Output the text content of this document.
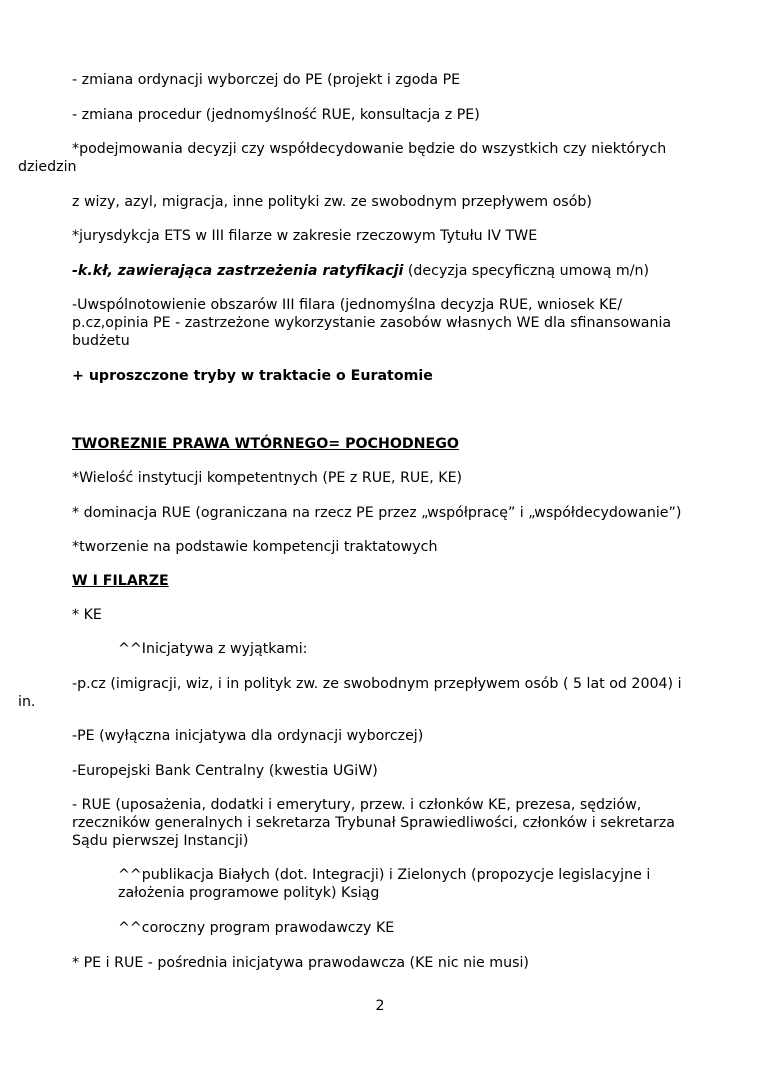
- zmiana ordynacji wyborczej do PE (projekt i zgoda PE

- zmiana procedur (jednomyślność RUE, konsultacja z PE)

*podejmowania decyzji czy współdecydowanie będzie do wszystkich czy niektórych

dziedzin

z wizy, azyl, migracja, inne polityki zw. ze swobodnym przepływem osób)

*jurysdykcja ETS w III filarze w zakresie rzeczowym Tytułu IV TWE

-k.kł, zawierająca zastrzeżenia ratyfikacji (decyzja specyficzną umową m/n)

-Uwspólnotowienie obszarów III filara (jednomyślna decyzja RUE, wniosek KE/

p.cz,opinia PE - zastrzeżone wykorzystanie zasobów własnych WE dla sfinansowania

budżetu

+ uproszczone tryby w traktacie o Euratomie

TWOREZNIE PRAWA WTÓRNEGO= POCHODNEGO

*Wielość instytucji kompetentnych (PE z RUE, RUE, KE)

* dominacja RUE (ograniczana na rzecz PE przez „współpracę” i „współdecydowanie”)

*tworzenie na podstawie kompetencji traktatowych

W I FILARZE

* KE

^^Inicjatywa z wyjątkami:

-p.cz (imigracji, wiz, i in polityk zw. ze swobodnym przepływem osób ( 5 lat od 2004) i

in.

-PE (wyłączna inicjatywa dla ordynacji wyborczej)

-Europejski Bank Centralny (kwestia UGiW)

- RUE (uposażenia, dodatki i emerytury, przew. i członków KE, prezesa, sędziów,

rzeczników generalnych i sekretarza Trybunał Sprawiedliwości, członków i sekretarza

Sądu pierwszej Instancji)

^^publikacja Białych (dot. Integracji) i Zielonych (propozycje legislacyjne i

założenia programowe polityk) Ksiąg

^^coroczny program prawodawczy KE

* PE i RUE - pośrednia inicjatywa prawodawcza (KE nic nie musi)

2
